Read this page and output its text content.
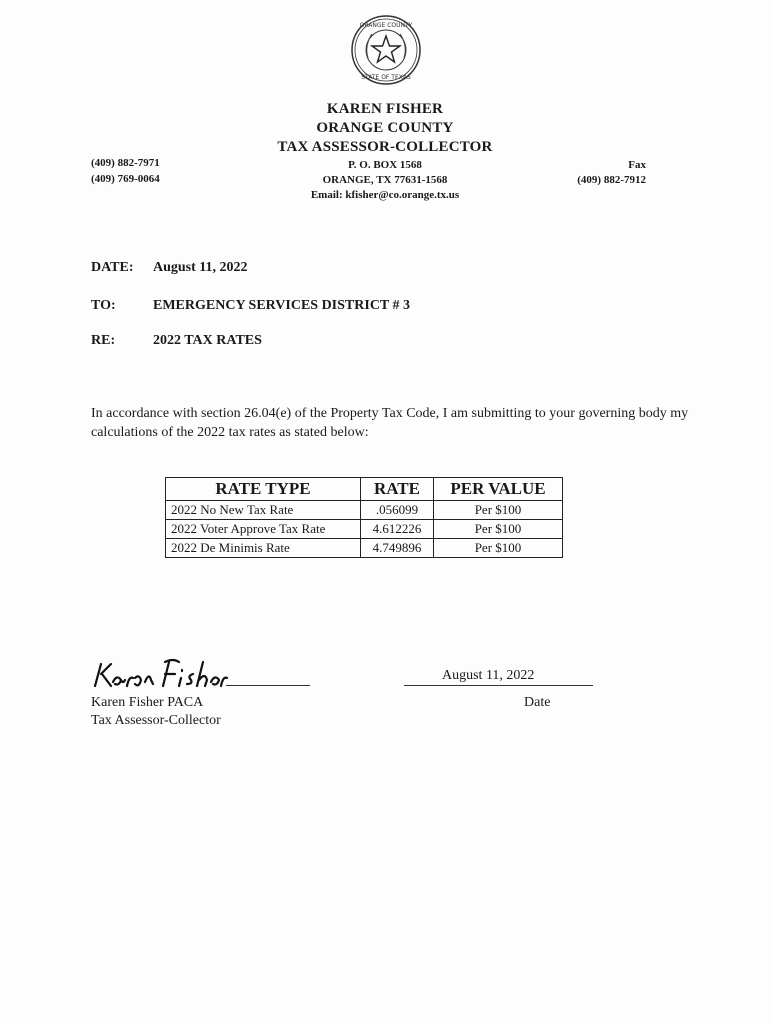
ORANGE COUNTY
STATE OF TEXAS
KAREN FISHER
ORANGE COUNTY
TAX ASSESSOR-COLLECTOR
P. O. BOX 1568
ORANGE, TX 77631-1568
Email: kfisher@co.orange.tx.us
(409) 882-7971
(409) 769-0064
Fax
(409) 882-7912
DATE: August 11, 2022
TO:	EMERGENCY SERVICES DISTRICT # 3
RE:	2022 TAX RATES
In accordance with section 26.04(e) of the Property Tax Code, I am submitting to your governing body my calculations of the 2022 tax rates as stated below:
RATE TYPE	RATE	PER VALUE
2022 No New Tax Rate	.056099	Per $100
2022 Voter Approve Tax Rate	4.612226	Per $100
2022 De Minimis Rate	4.749896	Per $100
Karen Fisher PACA
Tax Assessor-Collector
August 11, 2022
Date
